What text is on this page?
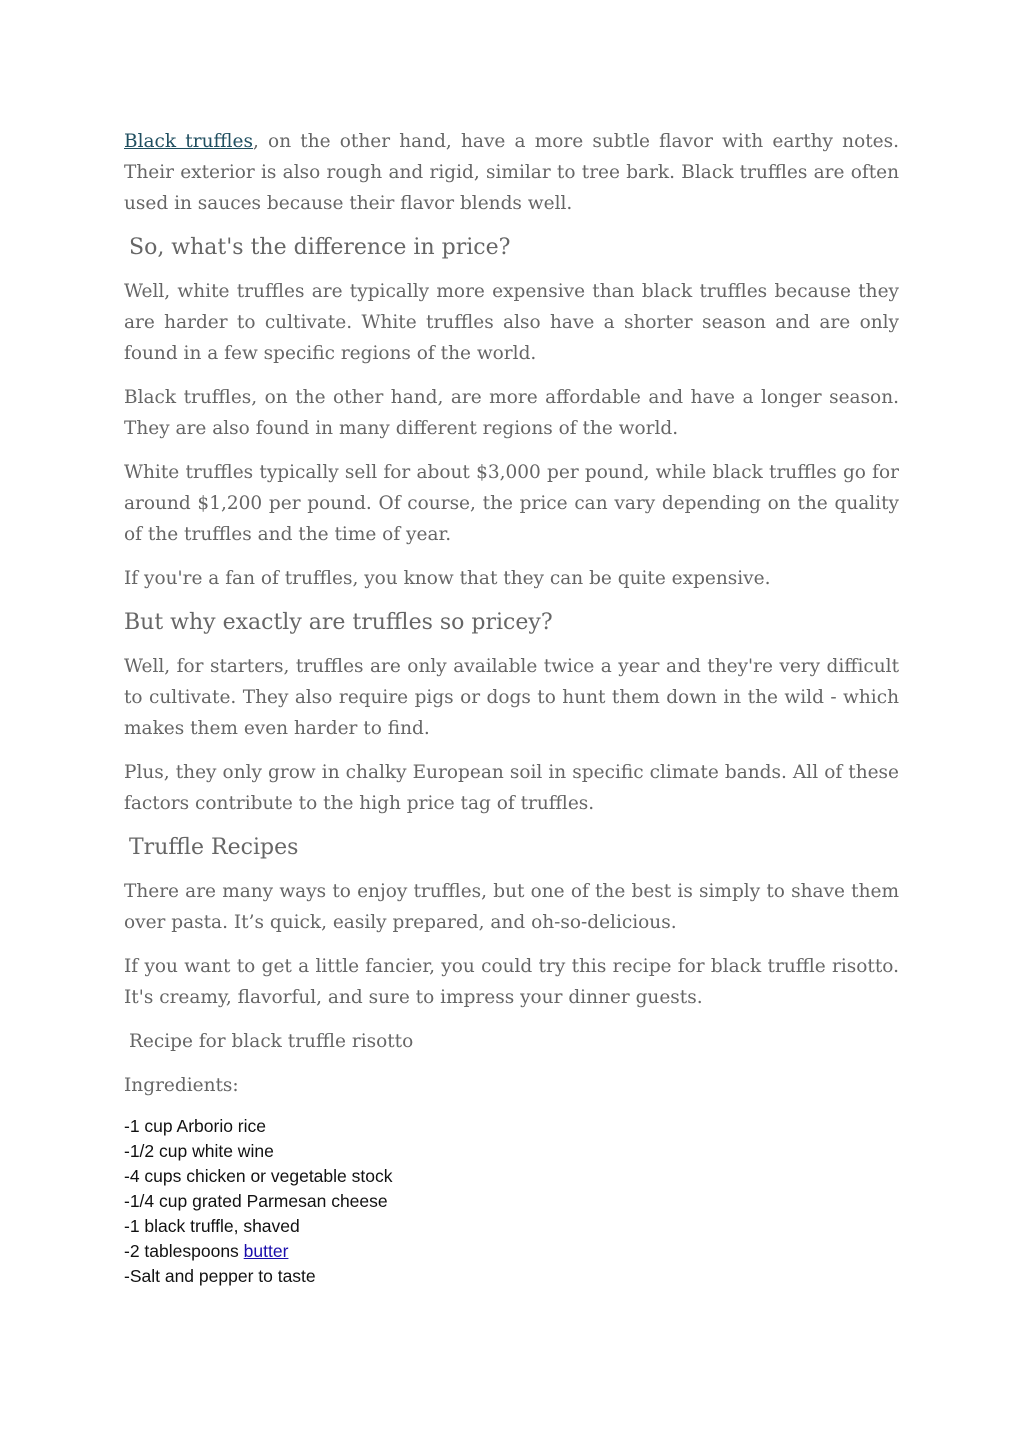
Black truffles, on the other hand, have a more subtle flavor with earthy notes. Their exterior is also rough and rigid, similar to tree bark. Black truffles are often used in sauces because their flavor blends well.

So, what's the difference in price?

Well, white truffles are typically more expensive than black truffles because they are harder to cultivate. White truffles also have a shorter season and are only found in a few specific regions of the world.

Black truffles, on the other hand, are more affordable and have a longer season. They are also found in many different regions of the world.

White truffles typically sell for about $3,000 per pound, while black truffles go for around $1,200 per pound. Of course, the price can vary depending on the quality of the truffles and the time of year.

If you're a fan of truffles, you know that they can be quite expensive.

But why exactly are truffles so pricey?

Well, for starters, truffles are only available twice a year and they're very difficult to cultivate. They also require pigs or dogs to hunt them down in the wild - which makes them even harder to find.

Plus, they only grow in chalky European soil in specific climate bands. All of these factors contribute to the high price tag of truffles.

Truffle Recipes

There are many ways to enjoy truffles, but one of the best is simply to shave them over pasta. It’s quick, easily prepared, and oh-so-delicious.

If you want to get a little fancier, you could try this recipe for black truffle risotto. It's creamy, flavorful, and sure to impress your dinner guests.

Recipe for black truffle risotto

Ingredients:

-1 cup Arborio rice
-1/2 cup white wine
-4 cups chicken or vegetable stock
-1/4 cup grated Parmesan cheese
-1 black truffle, shaved
-2 tablespoons butter
-Salt and pepper to taste
